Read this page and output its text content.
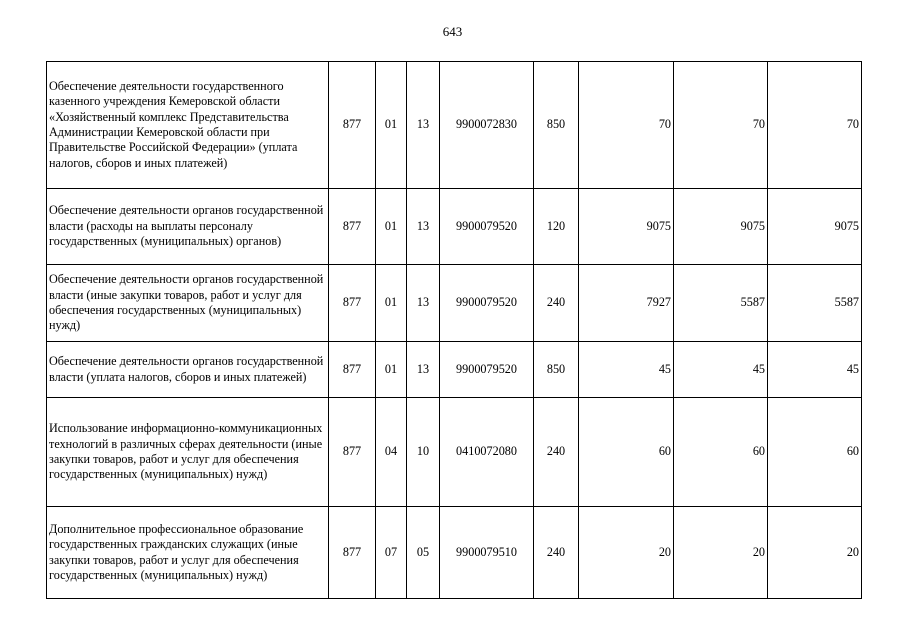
643
Обеспечение деятельности государственного казенного учреждения Кемеровской области «Хозяйственный комплекс Представительства Администрации Кемеровской области при Правительстве Российской Федерации» (уплата налогов, сборов и иных платежей)	877	01	13	9900072830	850	70	70	70
Обеспечение деятельности органов государственной власти (расходы на выплаты персоналу государственных (муниципальных) органов)	877	01	13	9900079520	120	9075	9075	9075
Обеспечение деятельности органов государственной власти (иные закупки товаров, работ и услуг для обеспечения государственных (муниципальных) нужд)	877	01	13	9900079520	240	7927	5587	5587
Обеспечение деятельности органов государственной власти (уплата налогов, сборов и иных платежей)	877	01	13	9900079520	850	45	45	45
Использование информационно-коммуникационных технологий в различных сферах деятельности (иные закупки товаров, работ и услуг для обеспечения государственных (муниципальных) нужд)	877	04	10	0410072080	240	60	60	60
Дополнительное профессиональное образование государственных гражданских служащих (иные закупки товаров, работ и услуг для обеспечения государственных (муниципальных) нужд)	877	07	05	9900079510	240	20	20	20
